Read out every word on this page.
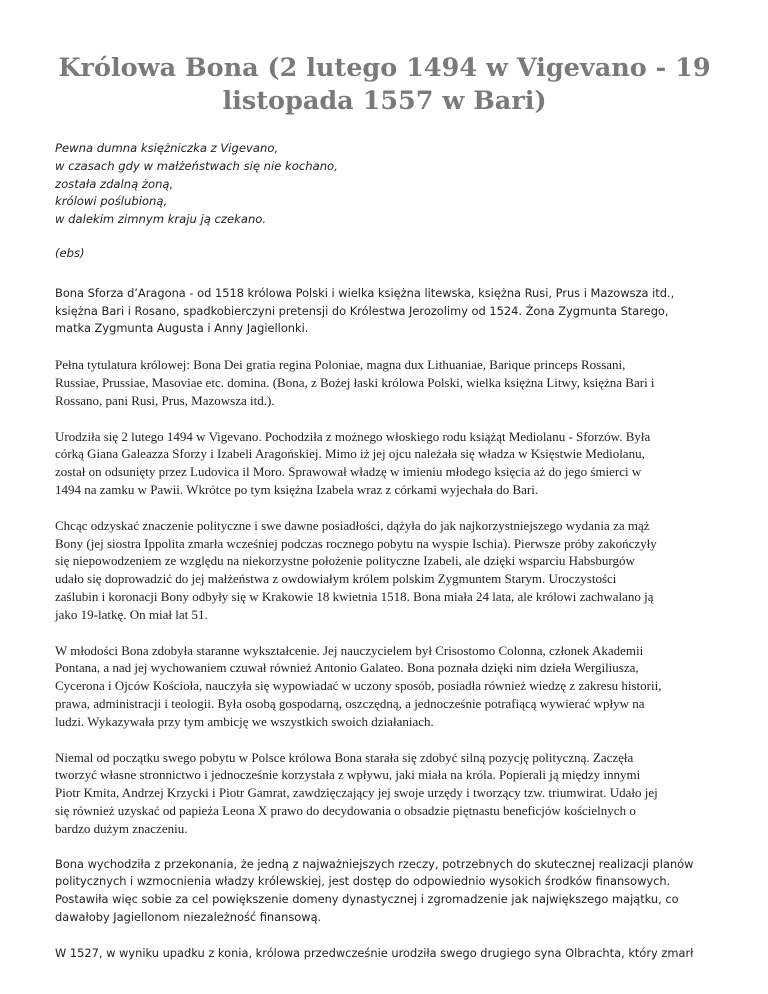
Królowa Bona (2 lutego 1494 w Vigevano - 19
listopada 1557 w Bari)
Pewna dumna księżniczka z Vigevano,
w czasach gdy w małżeństwach się nie kochano,
została zdalną żoną,
królowi poślubioną,
w dalekim zimnym kraju ją czekano.
(ebs)
Bona Sforza d’Aragona - od 1518 królowa Polski i wielka księżna litewska, księżna Rusi, Prus i Mazowsza itd.,
księżna Bari i Rosano, spadkobierczyni pretensji do Królestwa Jerozolimy od 1524. Żona Zygmunta Starego,
matka Zygmunta Augusta i Anny Jagiellonki.
Pełna tytulatura królowej: Bona Dei gratia regina Poloniae, magna dux Lithuaniae, Barique princeps Rossani,
Russiae, Prussiae, Masoviae etc. domina. (Bona, z Bożej łaski królowa Polski, wielka księżna Litwy, księżna Bari i
Rossano, pani Rusi, Prus, Mazowsza itd.).
Urodziła się 2 lutego 1494 w Vigevano. Pochodziła z możnego włoskiego rodu książąt Mediolanu - Sforzów. Była
córką Giana Galeazza Sforzy i Izabeli Aragońskiej. Mimo iż jej ojcu należała się władza w Księstwie Mediolanu,
został on odsunięty przez Ludovica il Moro. Sprawował władzę w imieniu młodego księcia aż do jego śmierci w
1494 na zamku w Pawii. Wkrótce po tym księżna Izabela wraz z córkami wyjechała do Bari.
Chcąc odzyskać znaczenie polityczne i swe dawne posiadłości, dążyła do jak najkorzystniejszego wydania za mąż
Bony (jej siostra Ippolita zmarła wcześniej podczas rocznego pobytu na wyspie Ischia). Pierwsze próby zakończyły
się niepowodzeniem ze względu na niekorzystne położenie polityczne Izabeli, ale dzięki wsparciu Habsburgów
udało się doprowadzić do jej małżeństwa z owdowiałym królem polskim Zygmuntem Starym. Uroczystości
zaślubin i koronacji Bony odbyły się w Krakowie 18 kwietnia 1518. Bona miała 24 lata, ale królowi zachwalano ją
jako 19-latkę. On miał lat 51.
W młodości Bona zdobyła staranne wykształcenie. Jej nauczycielem był Crisostomo Colonna, członek Akademii
Pontana, a nad jej wychowaniem czuwał również Antonio Galateo. Bona poznała dzięki nim dzieła Wergiliusza,
Cycerona i Ojców Kościoła, nauczyła się wypowiadać w uczony sposób, posiadła również wiedzę z zakresu historii,
prawa, administracji i teologii. Była osobą gospodarną, oszczędną, a jednocześnie potrafiącą wywierać wpływ na
ludzi. Wykazywała przy tym ambicję we wszystkich swoich działaniach.
Niemal od początku swego pobytu w Polsce królowa Bona starała się zdobyć silną pozycję polityczną. Zaczęła
tworzyć własne stronnictwo i jednocześnie korzystała z wpływu, jaki miała na króla. Popierali ją między innymi
Piotr Kmita, Andrzej Krzycki i Piotr Gamrat, zawdzięczający jej swoje urzędy i tworzący tzw. triumwirat. Udało jej
się również uzyskać od papieża Leona X prawo do decydowania o obsadzie piętnastu beneficjów kościelnych o
bardzo dużym znaczeniu.
Bona wychodziła z przekonania, że jedną z najważniejszych rzeczy, potrzebnych do skutecznej realizacji planów
politycznych i wzmocnienia władzy królewskiej, jest dostęp do odpowiednio wysokich środków finansowych.
Postawiła więc sobie za cel powiększenie domeny dynastycznej i zgromadzenie jak największego majątku, co
dawałoby Jagiellonom niezależność finansową.
W 1527, w wyniku upadku z konia, królowa przedwcześnie urodziła swego drugiego syna Olbrachta, który zmarł
